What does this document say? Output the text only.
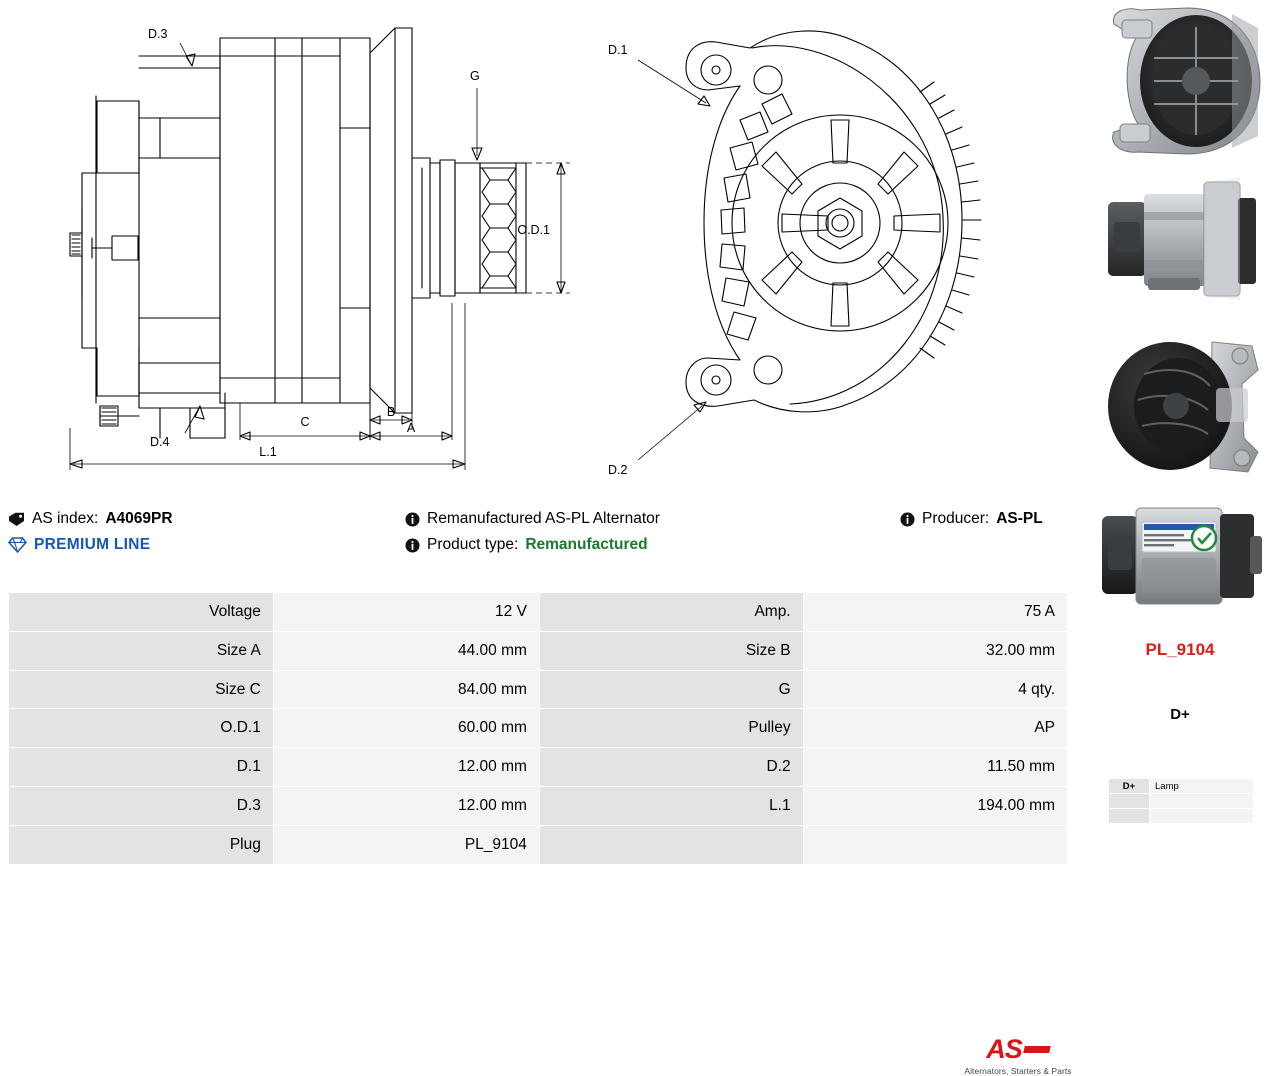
D.3
D.4
G
O.D.1
A
B
C
L.1
D.1
D.2
AS index: A4069PR
PREMIUM LINE
Remanufactured AS-PL Alternator
Product type: Remanufactured
Producer: AS-PL
AS
Alternators, Starters & Parts
Voltage	12 V	Amp.	75 A
Size A	44.00 mm	Size B	32.00 mm
Size C	84.00 mm	G	4 qty.
O.D.1	60.00 mm	Pulley	AP
D.1	12.00 mm	D.2	11.50 mm
D.3	12.00 mm	L.1	194.00 mm
Plug	PL_9104		
PL_9104
D+
D+	Lamp
